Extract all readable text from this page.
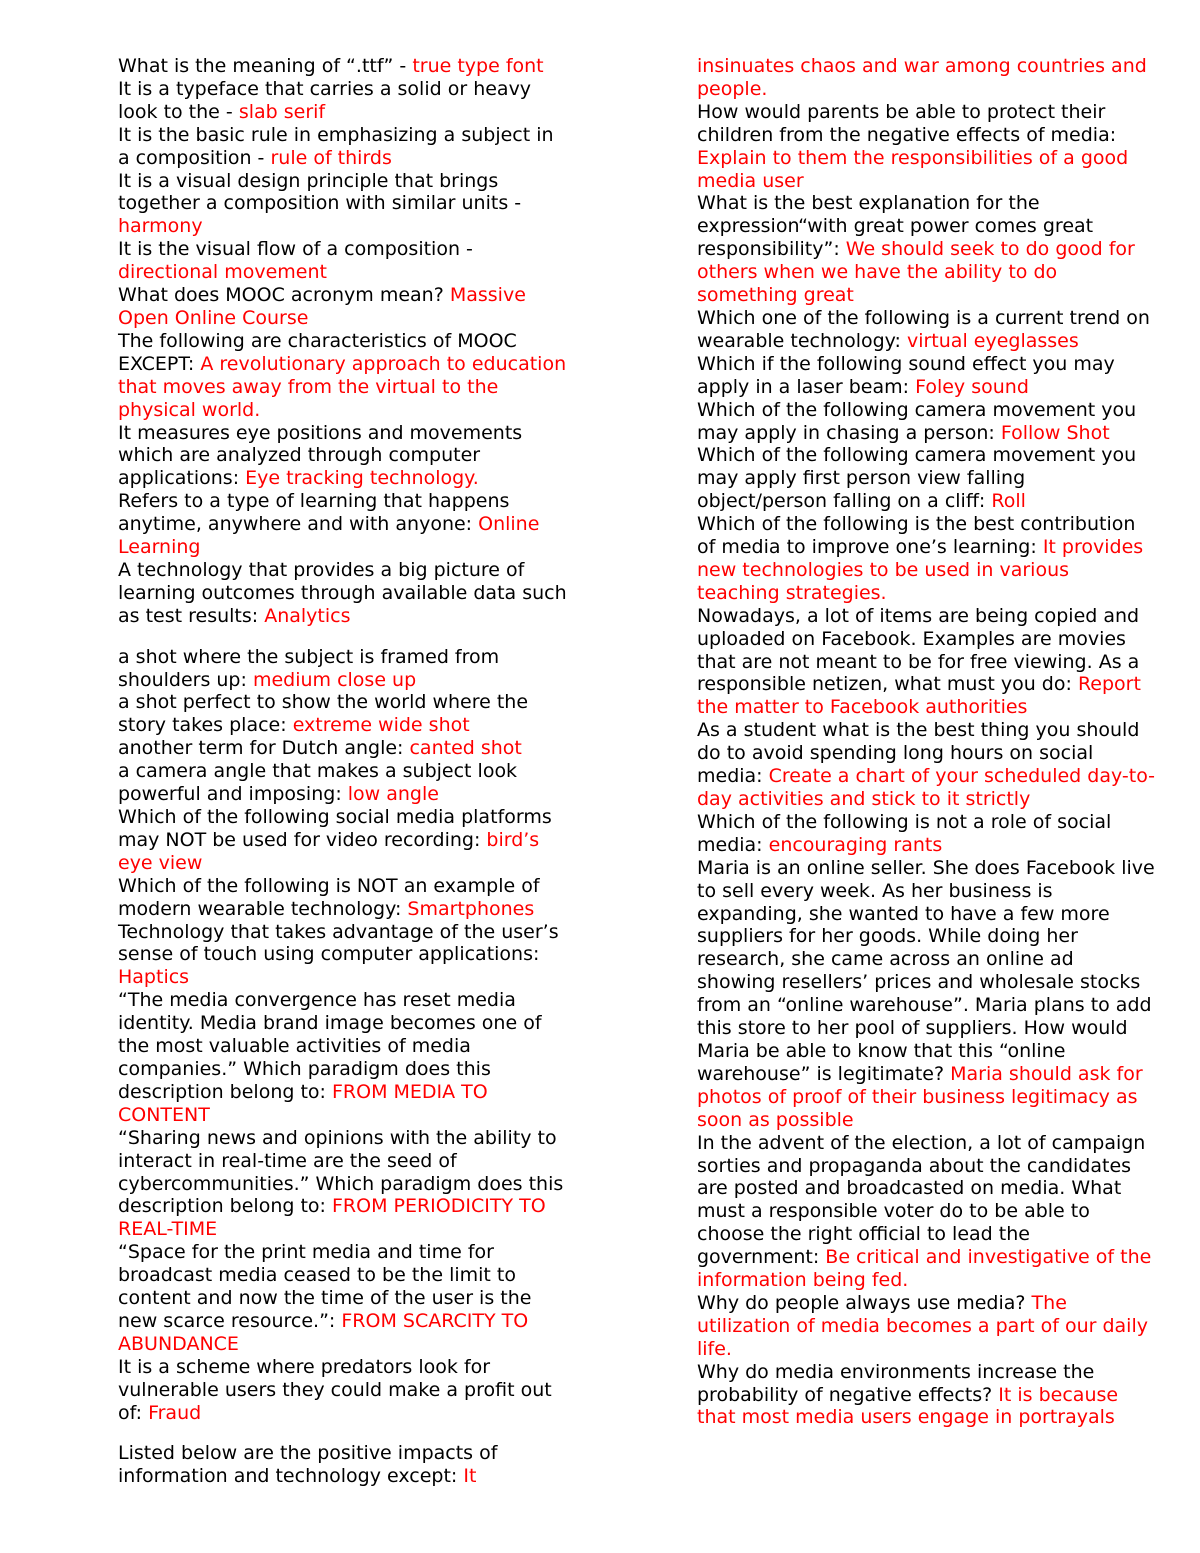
What is the meaning of “.ttf” - true type font

It is a typeface that carries a solid or heavy look to the - slab serif

It is the basic rule in emphasizing a subject in a composition - rule of thirds

It is a visual design principle that brings together a composition with similar units - harmony

It is the visual flow of a composition - directional movement

What does MOOC acronym mean? Massive Open Online Course

The following are characteristics of MOOC EXCEPT: A revolutionary approach to education that moves away from the virtual to the physical world.

It measures eye positions and movements which are analyzed through computer applications: Eye tracking technology.

Refers to a type of learning that happens anytime, anywhere and with anyone: Online Learning

A technology that provides a big picture of learning outcomes through available data such as test results: Analytics

a shot where the subject is framed from shoulders up: medium close up

a shot perfect to show the world where the story takes place: extreme wide shot

another term for Dutch angle: canted shot

a camera angle that makes a subject look powerful and imposing: low angle

Which of the following social media platforms may NOT be used for video recording: bird’s eye view

Which of the following is NOT an example of modern wearable technology: Smartphones

Technology that takes advantage of the user’s sense of touch using computer applications: Haptics

“The media convergence has reset media identity. Media brand image becomes one of the most valuable activities of media companies.” Which paradigm does this description belong to: FROM MEDIA TO CONTENT

“Sharing news and opinions with the ability to interact in real-time are the seed of cybercommunities.” Which paradigm does this description belong to: FROM PERIODICITY TO REAL-TIME

“Space for the print media and time for broadcast media ceased to be the limit to content and now the time of the user is the new scarce resource.”: FROM SCARCITY TO ABUNDANCE

It is a scheme where predators look for vulnerable users they could make a profit out of: Fraud

Listed below are the positive impacts of information and technology except: It

insinuates chaos and war among countries and people.

How would parents be able to protect their children from the negative effects of media: Explain to them the responsibilities of a good media user

What is the best explanation for the expression“with great power comes great responsibility”: We should seek to do good for others when we have the ability to do something great

Which one of the following is a current trend on wearable technology: virtual eyeglasses

Which if the following sound effect you may apply in a laser beam: Foley sound

Which of the following camera movement you may apply in chasing a person: Follow Shot

Which of the following camera movement you may apply first person view falling object/person falling on a cliff: Roll

Which of the following is the best contribution of media to improve one’s learning: It provides new technologies to be used in various teaching strategies.

Nowadays, a lot of items are being copied and uploaded on Facebook. Examples are movies that are not meant to be for free viewing. As a responsible netizen, what must you do: Report the matter to Facebook authorities

As a student what is the best thing you should do to avoid spending long hours on social media: Create a chart of your scheduled day-to-day activities and stick to it strictly

Which of the following is not a role of social media: encouraging rants

Maria is an online seller. She does Facebook live to sell every week. As her business is expanding, she wanted to have a few more suppliers for her goods. While doing her research, she came across an online ad showing resellers’ prices and wholesale stocks from an “online warehouse”. Maria plans to add this store to her pool of suppliers. How would Maria be able to know that this “online warehouse” is legitimate? Maria should ask for photos of proof of their business legitimacy as soon as possible

In the advent of the election, a lot of campaign sorties and propaganda about the candidates are posted and broadcasted on media. What must a responsible voter do to be able to choose the right official to lead the government: Be critical and investigative of the information being fed.

Why do people always use media? The utilization of media becomes a part of our daily life.

Why do media environments increase the probability of negative effects? It is because that most media users engage in portrayals
